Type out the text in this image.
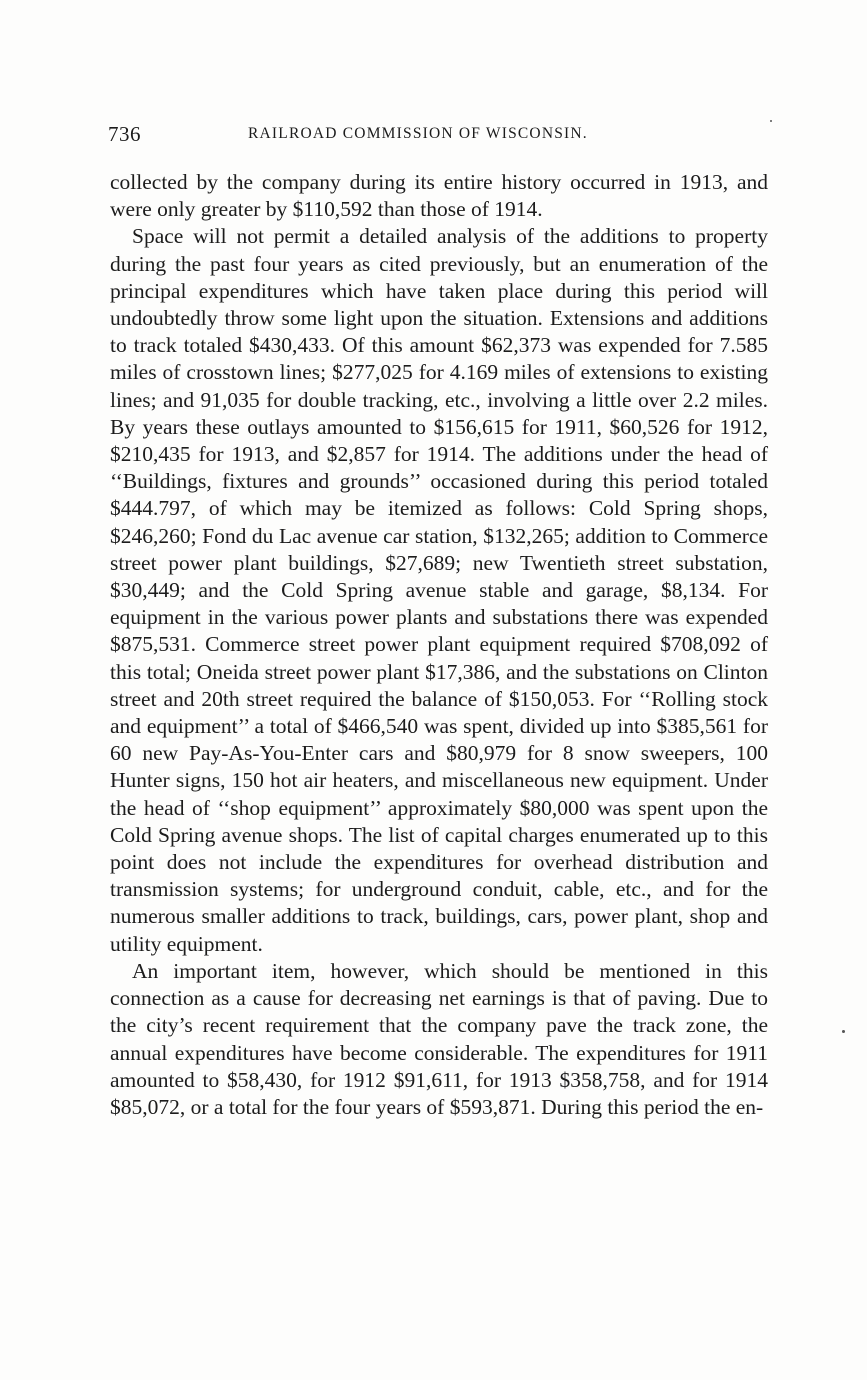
736	RAILROAD COMMISSION OF WISCONSIN.

collected by the company during its entire history occurred in 1913, and were only greater by $110,592 than those of 1914.

Space will not permit a detailed analysis of the additions to property during the past four years as cited previously, but an enumeration of the principal expenditures which have taken place during this period will undoubtedly throw some light upon the situation. Extensions and additions to track totaled $430,433. Of this amount $62,373 was expended for 7.585 miles of crosstown lines; $277,025 for 4.169 miles of extensions to existing lines; and 91,035 for double tracking, etc., involving a little over 2.2 miles. By years these outlays amounted to $156,615 for 1911, $60,526 for 1912, $210,435 for 1913, and $2,857 for 1914. The additions under the head of ‘‘Buildings, fixtures and grounds’’ occasioned during this period totaled $444.797, of which may be itemized as follows: Cold Spring shops, $246,260; Fond du Lac avenue car station, $132,265; addition to Commerce street power plant buildings, $27,689; new Twentieth street substation, $30,449; and the Cold Spring avenue stable and garage, $8,134. For equipment in the various power plants and substations there was expended $875,531. Commerce street power plant equipment required $708,092 of this total; Oneida street power plant $17,386, and the substations on Clinton street and 20th street required the balance of $150,053. For ‘‘Rolling stock and equipment’’ a total of $466,540 was spent, divided up into $385,561 for 60 new Pay-As-You-Enter cars and $80,979 for 8 snow sweepers, 100 Hunter signs, 150 hot air heaters, and miscellaneous new equipment. Under the head of ‘‘shop equipment’’ approximately $80,000 was spent upon the Cold Spring avenue shops. The list of capital charges enumerated up to this point does not include the expenditures for overhead distribution and transmission systems; for underground conduit, cable, etc., and for the numerous smaller additions to track, buildings, cars, power plant, shop and utility equipment.

An important item, however, which should be mentioned in this connection as a cause for decreasing net earnings is that of paving. Due to the city’s recent requirement that the company pave the track zone, the annual expenditures have become considerable. The expenditures for 1911 amounted to $58,430, for 1912 $91,611, for 1913 $358,758, and for 1914 $85,072, or a total for the four years of $593,871. During this period the en-
